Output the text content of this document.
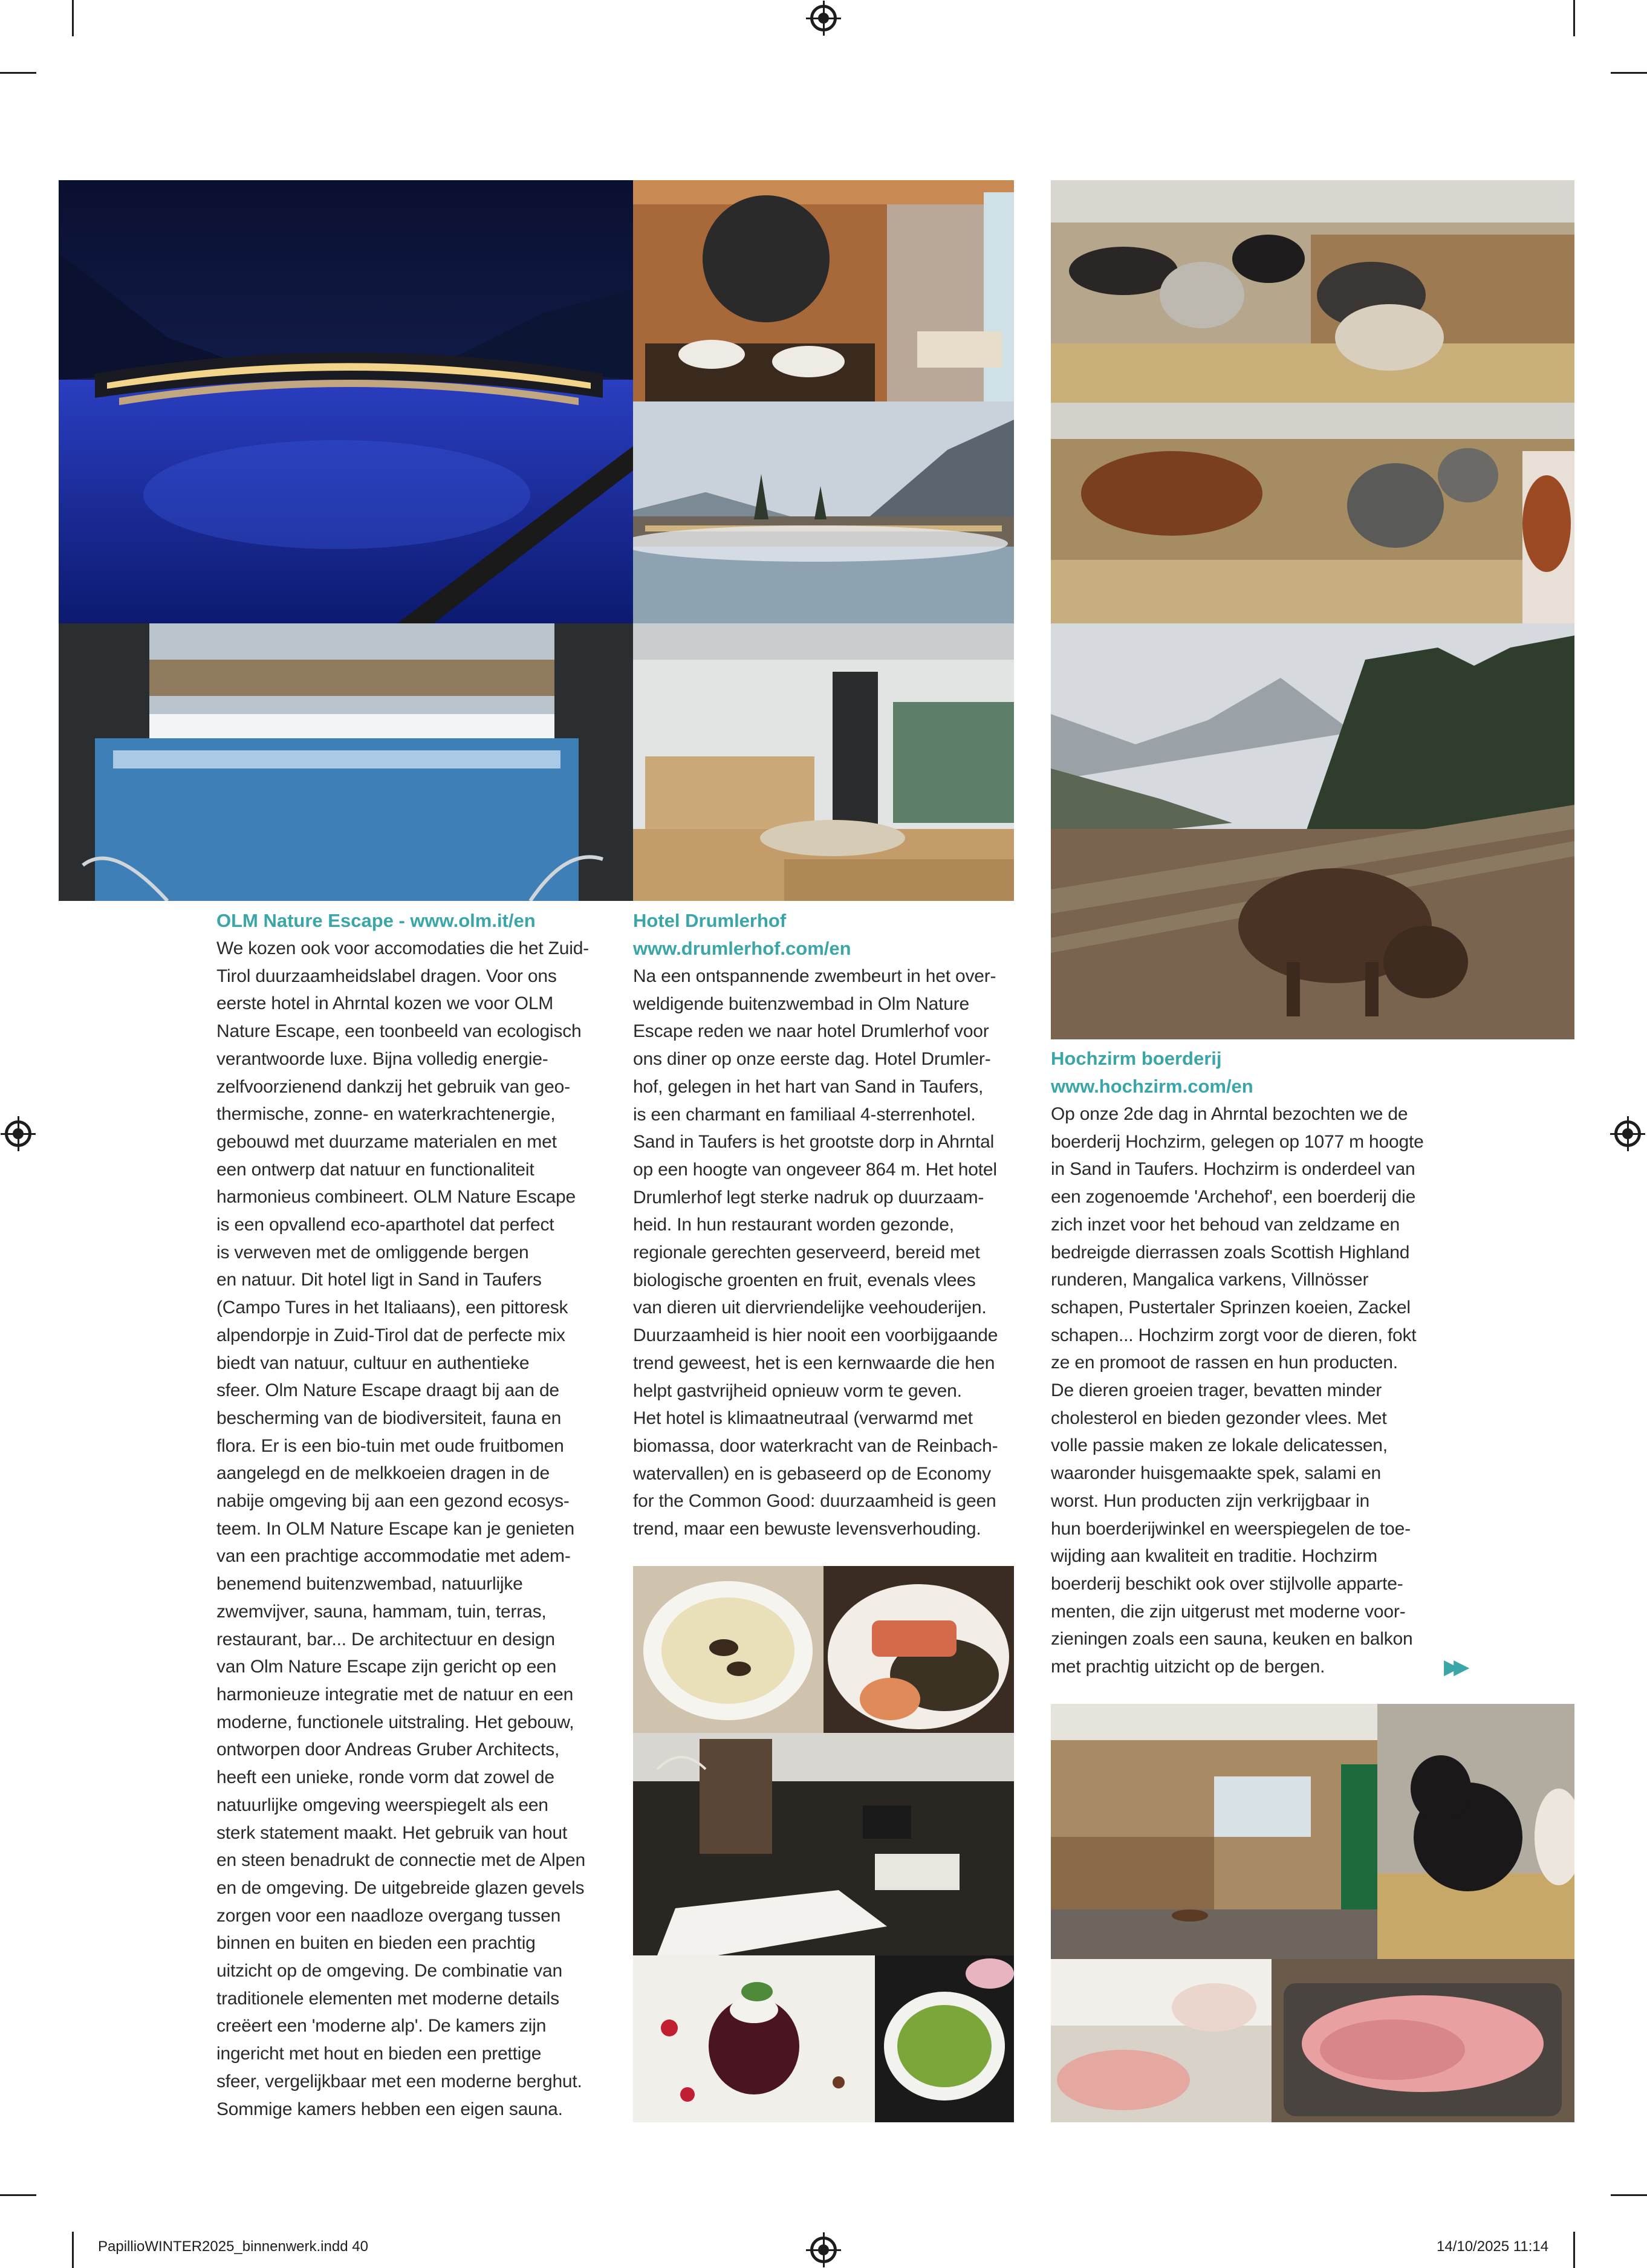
OLM Nature Escape - www.olm.it/en
We kozen ook voor accomodaties die het Zuid-
Tirol duurzaamheidslabel dragen. Voor ons
eerste hotel in Ahrntal kozen we voor OLM
Nature Escape, een toonbeeld van ecologisch
verantwoorde luxe. Bijna volledig energie-
zelfvoorzienend dankzij het gebruik van geo-
thermische, zonne- en waterkrachtenergie,
gebouwd met duurzame materialen en met
een ontwerp dat natuur en functionaliteit
harmonieus combineert. OLM Nature Escape
is een opvallend eco-aparthotel dat perfect
is verweven met de omliggende bergen
en natuur. Dit hotel ligt in Sand in Taufers
(Campo Tures in het Italiaans), een pittoresk
alpendorpje in Zuid-Tirol dat de perfecte mix
biedt van natuur, cultuur en authentieke
sfeer. Olm Nature Escape draagt bij aan de
bescherming van de biodiversiteit, fauna en
flora. Er is een bio-tuin met oude fruitbomen
aangelegd en de melkkoeien dragen in de
nabije omgeving bij aan een gezond ecosys-
teem. In OLM Nature Escape kan je genieten
van een prachtige accommodatie met adem-
benemend buitenzwembad, natuurlijke
zwemvijver, sauna, hammam, tuin, terras,
restaurant, bar... De architectuur en design
van Olm Nature Escape zijn gericht op een
harmonieuze integratie met de natuur en een
moderne, functionele uitstraling. Het gebouw,
ontworpen door Andreas Gruber Architects,
heeft een unieke, ronde vorm dat zowel de
natuurlijke omgeving weerspiegelt als een
sterk statement maakt. Het gebruik van hout
en steen benadrukt de connectie met de Alpen
en de omgeving. De uitgebreide glazen gevels
zorgen voor een naadloze overgang tussen
binnen en buiten en bieden een prachtig
uitzicht op de omgeving. De combinatie van
traditionele elementen met moderne details
creëert een 'moderne alp'. De kamers zijn
ingericht met hout en bieden een prettige
sfeer, vergelijkbaar met een moderne berghut.
Sommige kamers hebben een eigen sauna.
Hotel Drumlerhof
www.drumlerhof.com/en
Na een ontspannende zwembeurt in het over-
weldigende buitenzwembad in Olm Nature
Escape reden we naar hotel Drumlerhof voor
ons diner op onze eerste dag. Hotel Drumler-
hof, gelegen in het hart van Sand in Taufers,
is een charmant en familiaal 4-sterrenhotel.
Sand in Taufers is het grootste dorp in Ahrntal
op een hoogte van ongeveer 864 m. Het hotel
Drumlerhof legt sterke nadruk op duurzaam-
heid. In hun restaurant worden gezonde,
regionale gerechten geserveerd, bereid met
biologische groenten en fruit, evenals vlees
van dieren uit diervriendelijke veehouderijen.
Duurzaamheid is hier nooit een voorbijgaande
trend geweest, het is een kernwaarde die hen
helpt gastvrijheid opnieuw vorm te geven.
Het hotel is klimaatneutraal (verwarmd met
biomassa, door waterkracht van de Reinbach-
watervallen) en is gebaseerd op de Economy
for the Common Good: duurzaamheid is geen
trend, maar een bewuste levensverhouding.
Hochzirm boerderij
www.hochzirm.com/en
Op onze 2de dag in Ahrntal bezochten we de
boerderij Hochzirm, gelegen op 1077 m hoogte
in Sand in Taufers. Hochzirm is onderdeel van
een zogenoemde 'Archehof', een boerderij die
zich inzet voor het behoud van zeldzame en
bedreigde dierrassen zoals Scottish Highland
runderen, Mangalica varkens, Villnösser
schapen, Pustertaler Sprinzen koeien, Zackel
schapen... Hochzirm zorgt voor de dieren, fokt
ze en promoot de rassen en hun producten.
De dieren groeien trager, bevatten minder
cholesterol en bieden gezonder vlees. Met
volle passie maken ze lokale delicatessen,
waaronder huisgemaakte spek, salami en
worst. Hun producten zijn verkrijgbaar in
hun boerderijwinkel en weerspiegelen de toe-
wijding aan kwaliteit en traditie. Hochzirm
boerderij beschikt ook over stijlvolle apparte-
menten, die zijn uitgerust met moderne voor-
zieningen zoals een sauna, keuken en balkon
met prachtig uitzicht op de bergen.	▶▶
PapillioWINTER2025_binnenwerk.indd 40	14/10/2025 11:14
